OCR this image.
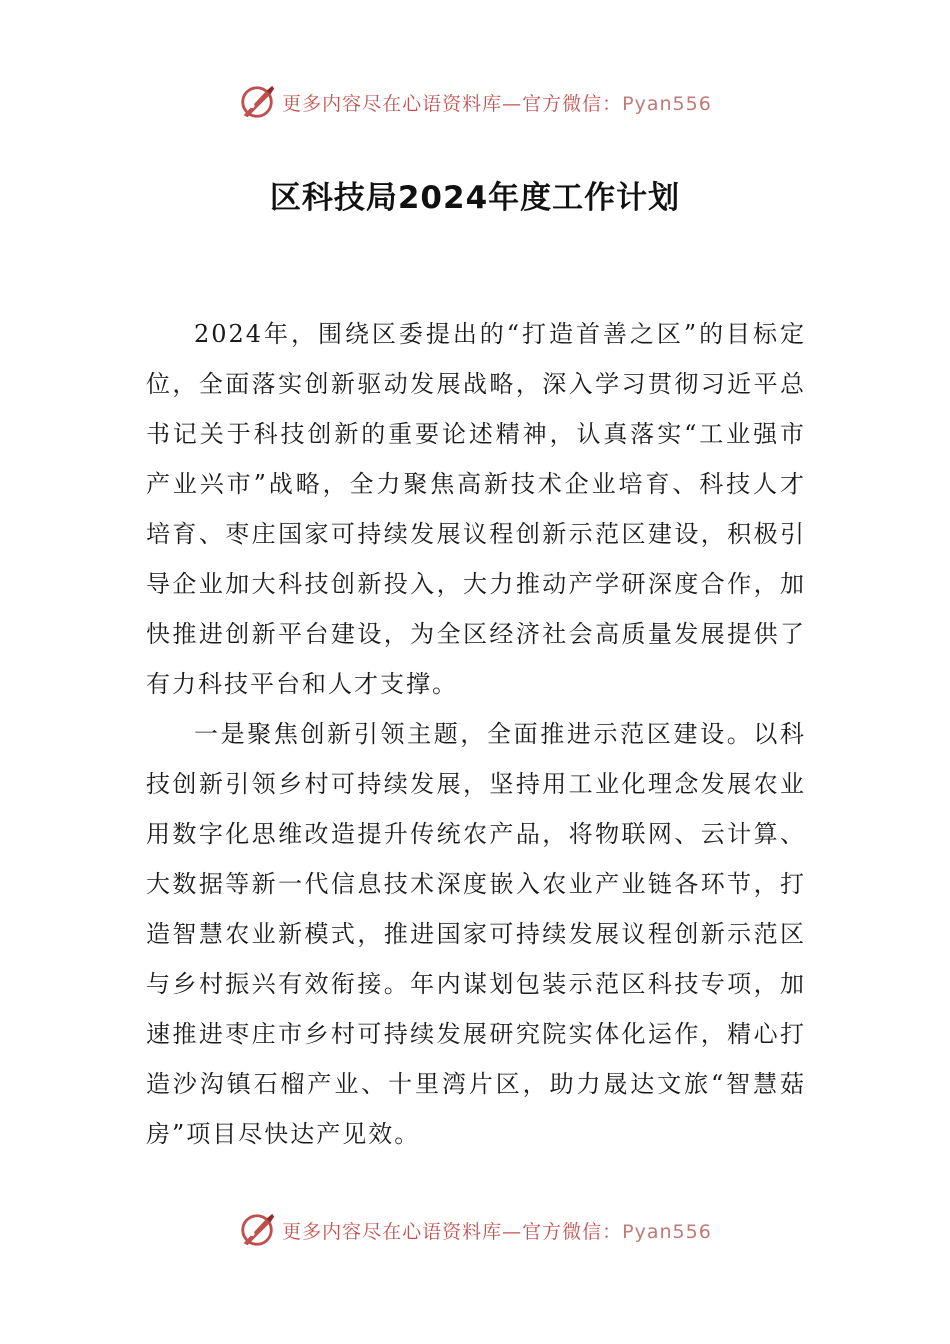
更多内容尽在心语资料库—官方微信：Pyan556
区科技局2024年度工作计划

2024年，围绕区委提出的“打造首善之区”的目标定位，全面落实创新驱动发展战略，深入学习贯彻习近平总书记关于科技创新的重要论述精神，认真落实“工业强市产业兴市”战略，全力聚焦高新技术企业培育、科技人才培育、枣庄国家可持续发展议程创新示范区建设，积极引导企业加大科技创新投入，大力推动产学研深度合作，加快推进创新平台建设，为全区经济社会高质量发展提供了有力科技平台和人才支撑。

一是聚焦创新引领主题，全面推进示范区建设。以科技创新引领乡村可持续发展，坚持用工业化理念发展农业用数字化思维改造提升传统农产品，将物联网、云计算、大数据等新一代信息技术深度嵌入农业产业链各环节，打造智慧农业新模式，推进国家可持续发展议程创新示范区与乡村振兴有效衔接。年内谋划包装示范区科技专项，加速推进枣庄市乡村可持续发展研究院实体化运作，精心打造沙沟镇石榴产业、十里湾片区，助力晟达文旅“智慧菇房”项目尽快达产见效。

更多内容尽在心语资料库—官方微信：Pyan556
